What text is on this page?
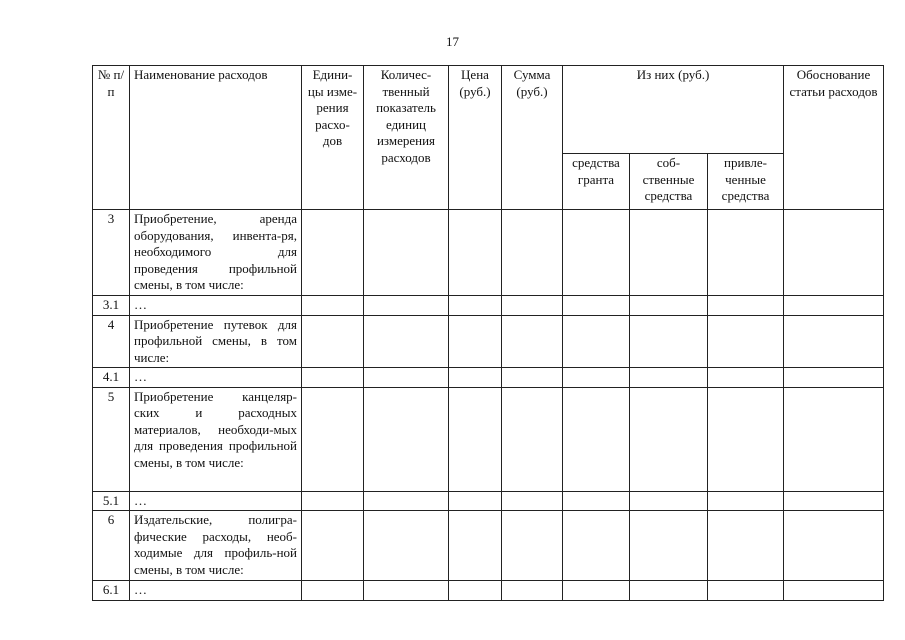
17
№ п/п	Наименование расходов	Едини-цы изме-рения расхо-дов	Количес-твенный показатель единиц измерения расходов	Цена (руб.)	Сумма (руб.)	Из них (руб.)			Обоснование статьи расходов
						средства гранта	соб-ственные средства	привле-ченные средства	
3	Приобретение, аренда оборудования, инвента-ря, необходимого для проведения профильной смены, в том числе:								
3.1	…								
4	Приобретение путевок для профильной смены, в том числе:								
4.1	…								
5	Приобретение канцеляр-ских и расходных материалов, необходи-мых для проведения профильной смены, в том числе:								
5.1	…								
6	Издательские, полигра-фические расходы, необ-ходимые для профиль-ной смены, в том числе:								
6.1	…								
